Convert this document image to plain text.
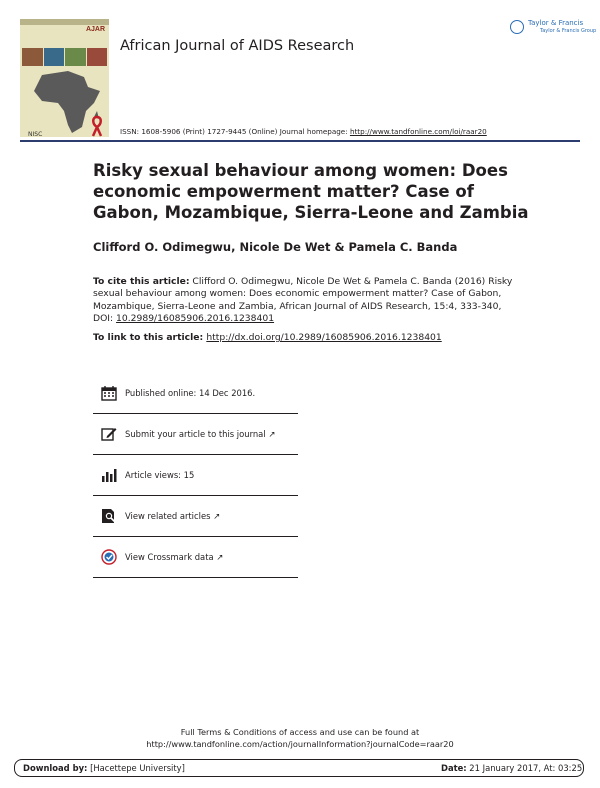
AJAR
NISC
African Journal of AIDS Research
Taylor & Francis
Taylor & Francis Group
ISSN: 1608-5906 (Print) 1727-9445 (Online) Journal homepage: http://www.tandfonline.com/loi/raar20
Risky sexual behaviour among women: Does economic empowerment matter? Case of Gabon, Mozambique, Sierra-Leone and Zambia
Clifford O. Odimegwu, Nicole De Wet & Pamela C. Banda
To cite this article: Clifford O. Odimegwu, Nicole De Wet & Pamela C. Banda (2016) Risky sexual behaviour among women: Does economic empowerment matter? Case of Gabon, Mozambique, Sierra-Leone and Zambia, African Journal of AIDS Research, 15:4, 333-340, DOI: 10.2989/16085906.2016.1238401
To link to this article: http://dx.doi.org/10.2989/16085906.2016.1238401
Published online: 14 Dec 2016.
Submit your article to this journal ↗
Article views: 15
View related articles ↗
View Crossmark data ↗
Full Terms & Conditions of access and use can be found at
http://www.tandfonline.com/action/journalInformation?journalCode=raar20
Download by: [Hacettepe University]	Date: 21 January 2017, At: 03:25
